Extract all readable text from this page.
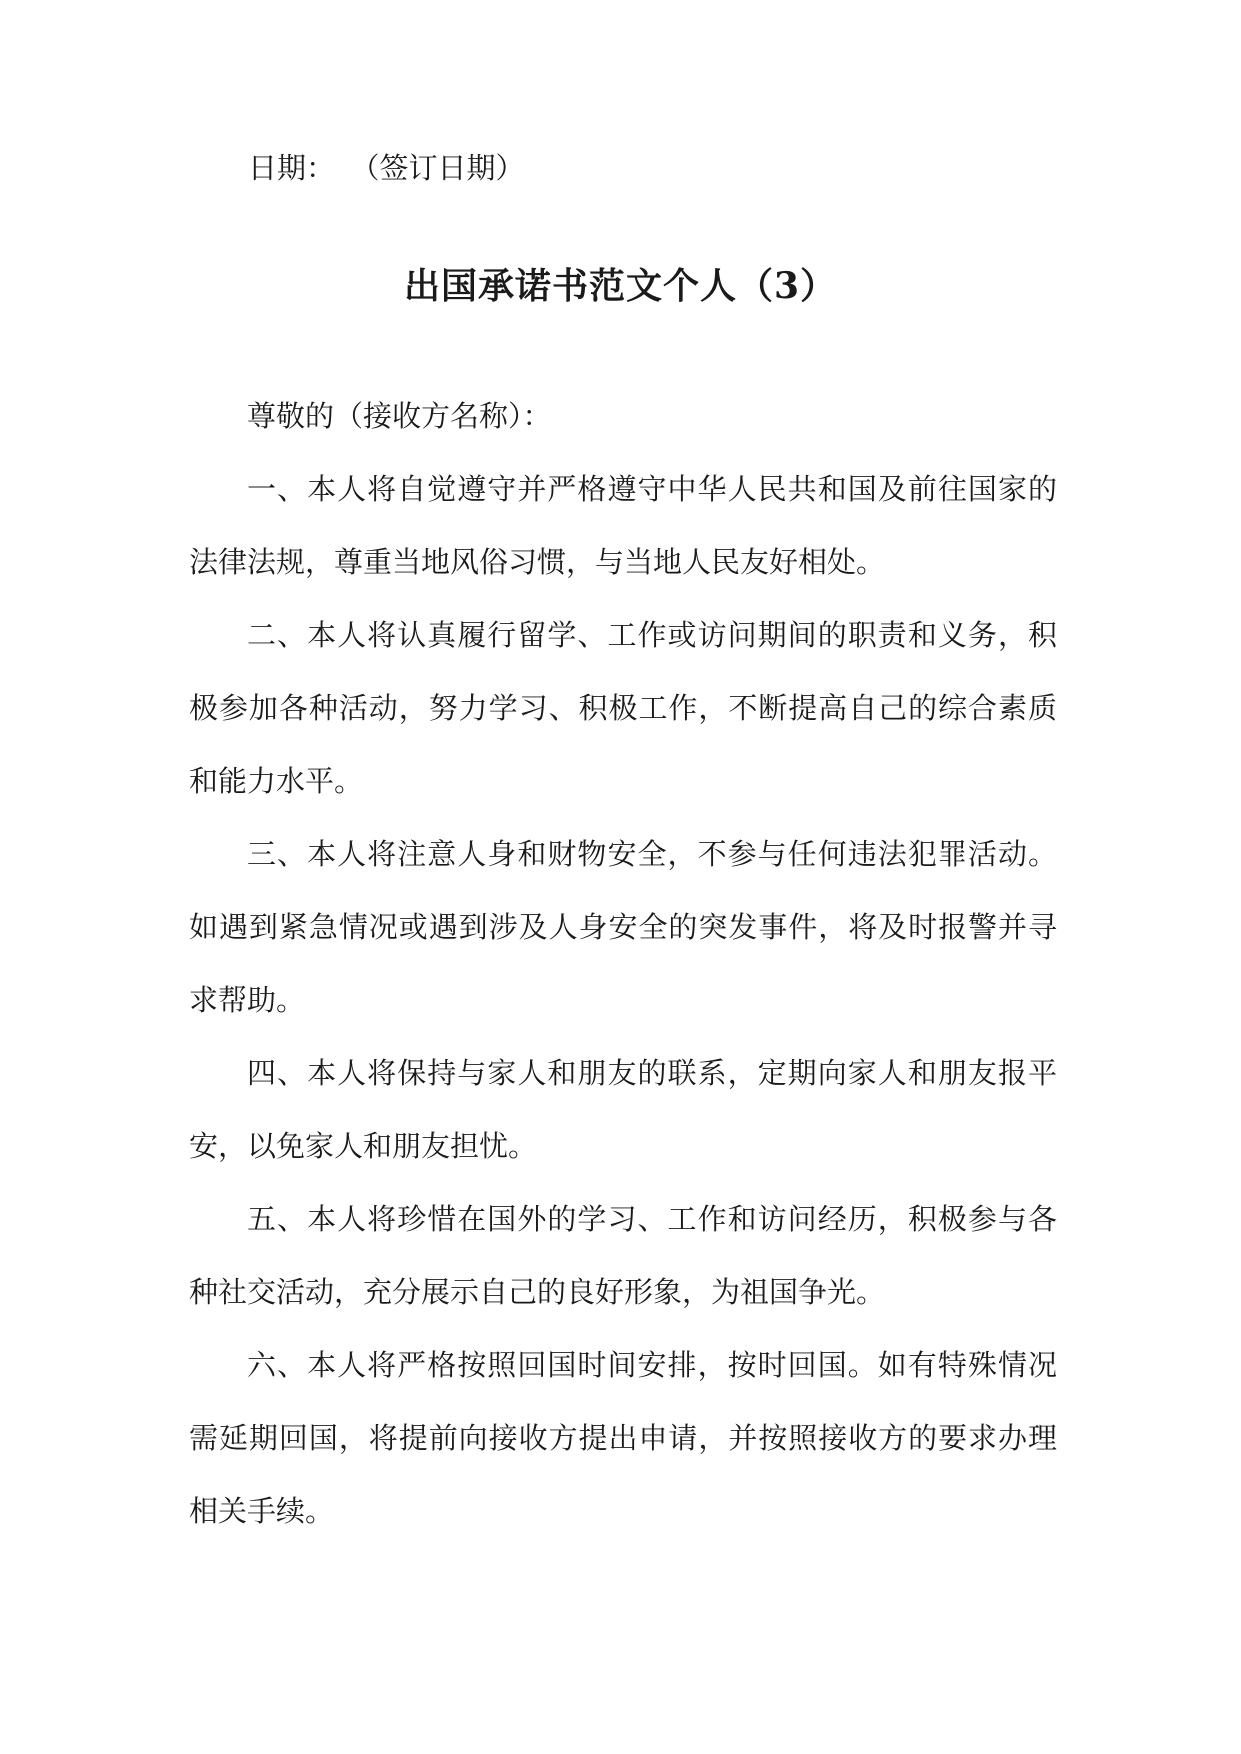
日期： （签订日期）
出国承诺书范文个人（3）

尊敬的（接收方名称）：

一、本人将自觉遵守并严格遵守中华人民共和国及前往国家的法律法规，尊重当地风俗习惯，与当地人民友好相处。

二、本人将认真履行留学、工作或访问期间的职责和义务，积极参加各种活动，努力学习、积极工作，不断提高自己的综合素质和能力水平。

三、本人将注意人身和财物安全，不参与任何违法犯罪活动。如遇到紧急情况或遇到涉及人身安全的突发事件，将及时报警并寻求帮助。

四、本人将保持与家人和朋友的联系，定期向家人和朋友报平安，以免家人和朋友担忧。

五、本人将珍惜在国外的学习、工作和访问经历，积极参与各种社交活动，充分展示自己的良好形象，为祖国争光。

六、本人将严格按照回国时间安排，按时回国。如有特殊情况需延期回国，将提前向接收方提出申请，并按照接收方的要求办理相关手续。
